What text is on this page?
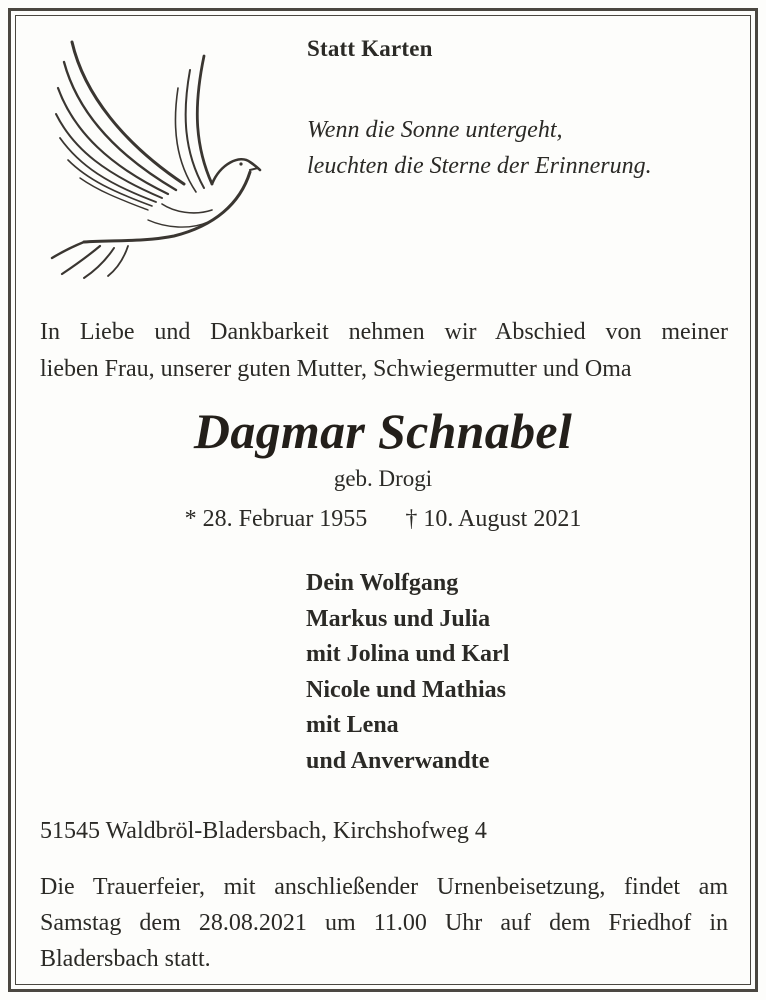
Statt Karten
Wenn die Sonne untergeht,
leuchten die Sterne der Erinnerung.
In Liebe und Dankbarkeit nehmen wir Abschied von meiner
lieben Frau, unserer guten Mutter, Schwiegermutter und Oma
Dagmar Schnabel
geb. Drogi
* 28. Februar 1955 † 10. August 2021
Dein Wolfgang
Markus und Julia
mit Jolina und Karl
Nicole und Mathias
mit Lena
und Anverwandte
51545 Waldbröl-Bladersbach, Kirchshofweg 4
Die Trauerfeier, mit anschließender Urnenbeisetzung, findet am
Samstag dem 28.08.2021 um 11.00 Uhr auf dem Friedhof in
Bladersbach statt.
